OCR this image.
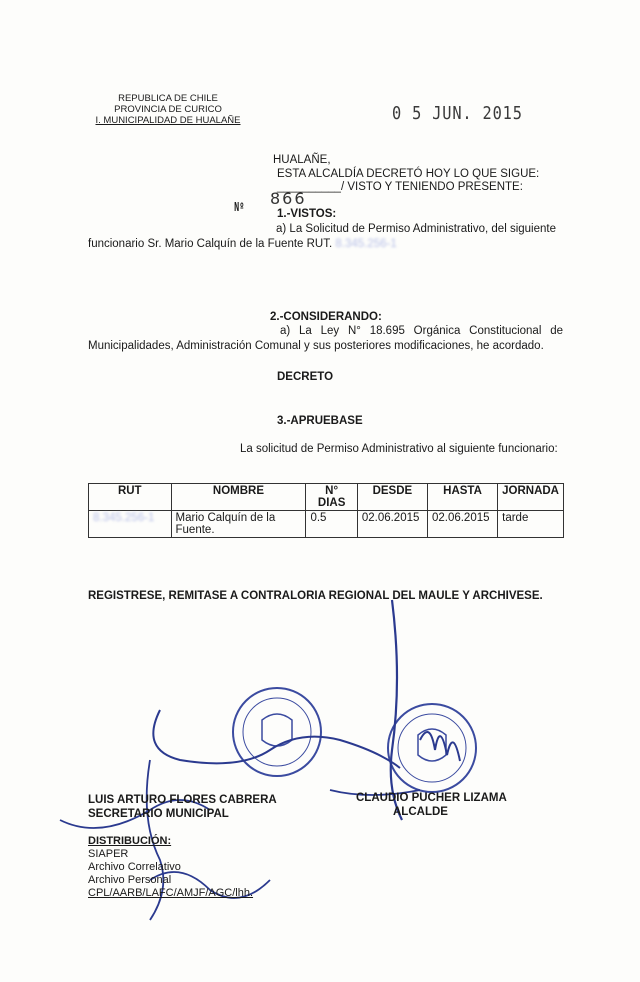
REPUBLICA DE CHILE
PROVINCIA DE CURICO
I. MUNICIPALIDAD DE HUALAÑE	0 5 JUN. 2015
HUALAÑE,
ESTA ALCALDÍA DECRETÓ HOY LO QUE SIGUE:
__________/ VISTO Y TENIENDO PRESENTE:
Nº 866
1.-VISTOS:
a) La Solicitud de Permiso Administrativo, del siguiente funcionario Sr. Mario Calquín de la Fuente RUT. 8.345.256-1
2.-CONSIDERANDO:
a) La Ley N° 18.695 Orgánica Constitucional de Municipalidades, Administración Comunal y sus posteriores modificaciones, he acordado.
DECRETO
3.-APRUEBASE
La solicitud de Permiso Administrativo al siguiente funcionario:
RUT	NOMBRE	N° DIAS	DESDE	HASTA	JORNADA
8.345.256-1	Mario Calquín de la Fuente.	0.5	02.06.2015	02.06.2015	tarde
REGISTRESE, REMITASE A CONTRALORIA REGIONAL DEL MAULE Y ARCHIVESE.
LUIS ARTURO FLORES CABRERA
SECRETARIO MUNICIPAL
CLAUDIO PUCHER LIZAMA
ALCALDE
DISTRIBUCIÓN:
SIAPER
Archivo Correlativo
Archivo Personal
CPL/AARB/LAFC/AMJF/AGC/lhh.
